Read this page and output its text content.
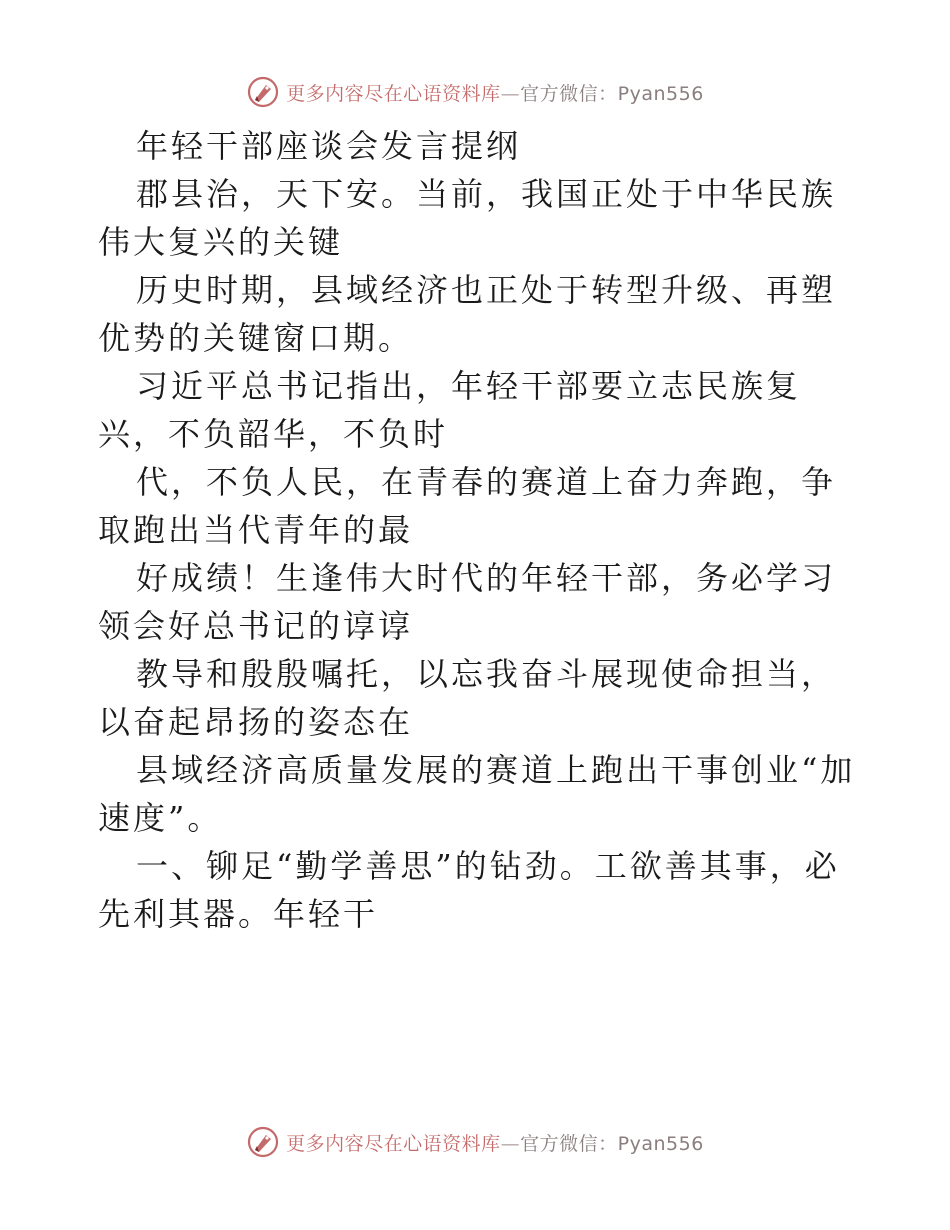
更多内容尽在心语资料库—官方微信：Pyan556

年轻干部座谈会发言提纲

郡县治，天下安。当前，我国正处于中华民族伟大复兴的关键

历史时期，县域经济也正处于转型升级、再塑优势的关键窗口期。

习近平总书记指出，年轻干部要立志民族复兴，不负韶华，不负时

代，不负人民，在青春的赛道上奋力奔跑，争取跑出当代青年的最

好成绩！生逢伟大时代的年轻干部，务必学习领会好总书记的谆谆

教导和殷殷嘱托，以忘我奋斗展现使命担当，以奋起昂扬的姿态在

县域经济高质量发展的赛道上跑出干事创业“加速度”。

一、铆足“勤学善思”的钻劲。工欲善其事，必先利其器。年轻干

更多内容尽在心语资料库—官方微信：Pyan556
